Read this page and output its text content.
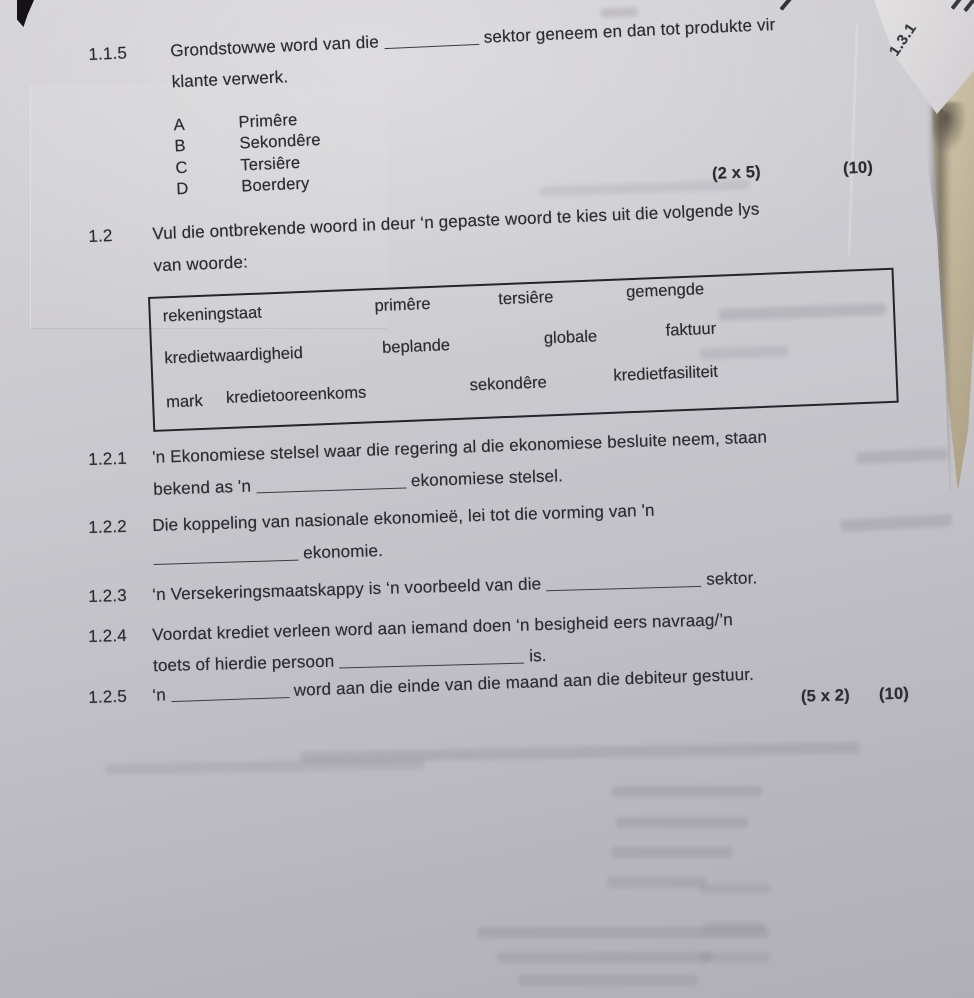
1.3.1
1.1.5	Grondstowwe word van die	sektor geneem en dan tot produkte vir
klante verwerk.
A	Primêre
B	Sekondêre
C	Tersiêre
D	Boerdery
(2 x 5)	(10)
1.2 Vul die ontbrekende woord in deur ‘n gepaste woord te kies uit die volgende lys
van woorde:
rekeningstaat	primêre	tersiêre	gemengde
kredietwaardigheid	beplande	globale	faktuur
mark kredietooreenkoms	sekondêre	kredietfasiliteit
1.2.1 'n Ekonomiese stelsel waar die regering al die ekonomiese besluite neem, staan
bekend as 'n	ekonomiese stelsel.
1.2.2 Die koppeling van nasionale ekonomieë, lei tot die vorming van 'n
ekonomie.
1.2.3 ‘n Versekeringsmaatskappy is ‘n voorbeeld van die	sektor.
1.2.4 Voordat krediet verleen word aan iemand doen ‘n besigheid eers navraag/’n
toets of hierdie persoon	is.
1.2.5 ‘n	word aan die einde van die maand aan die debiteur gestuur.	(5 x 2) (10)
